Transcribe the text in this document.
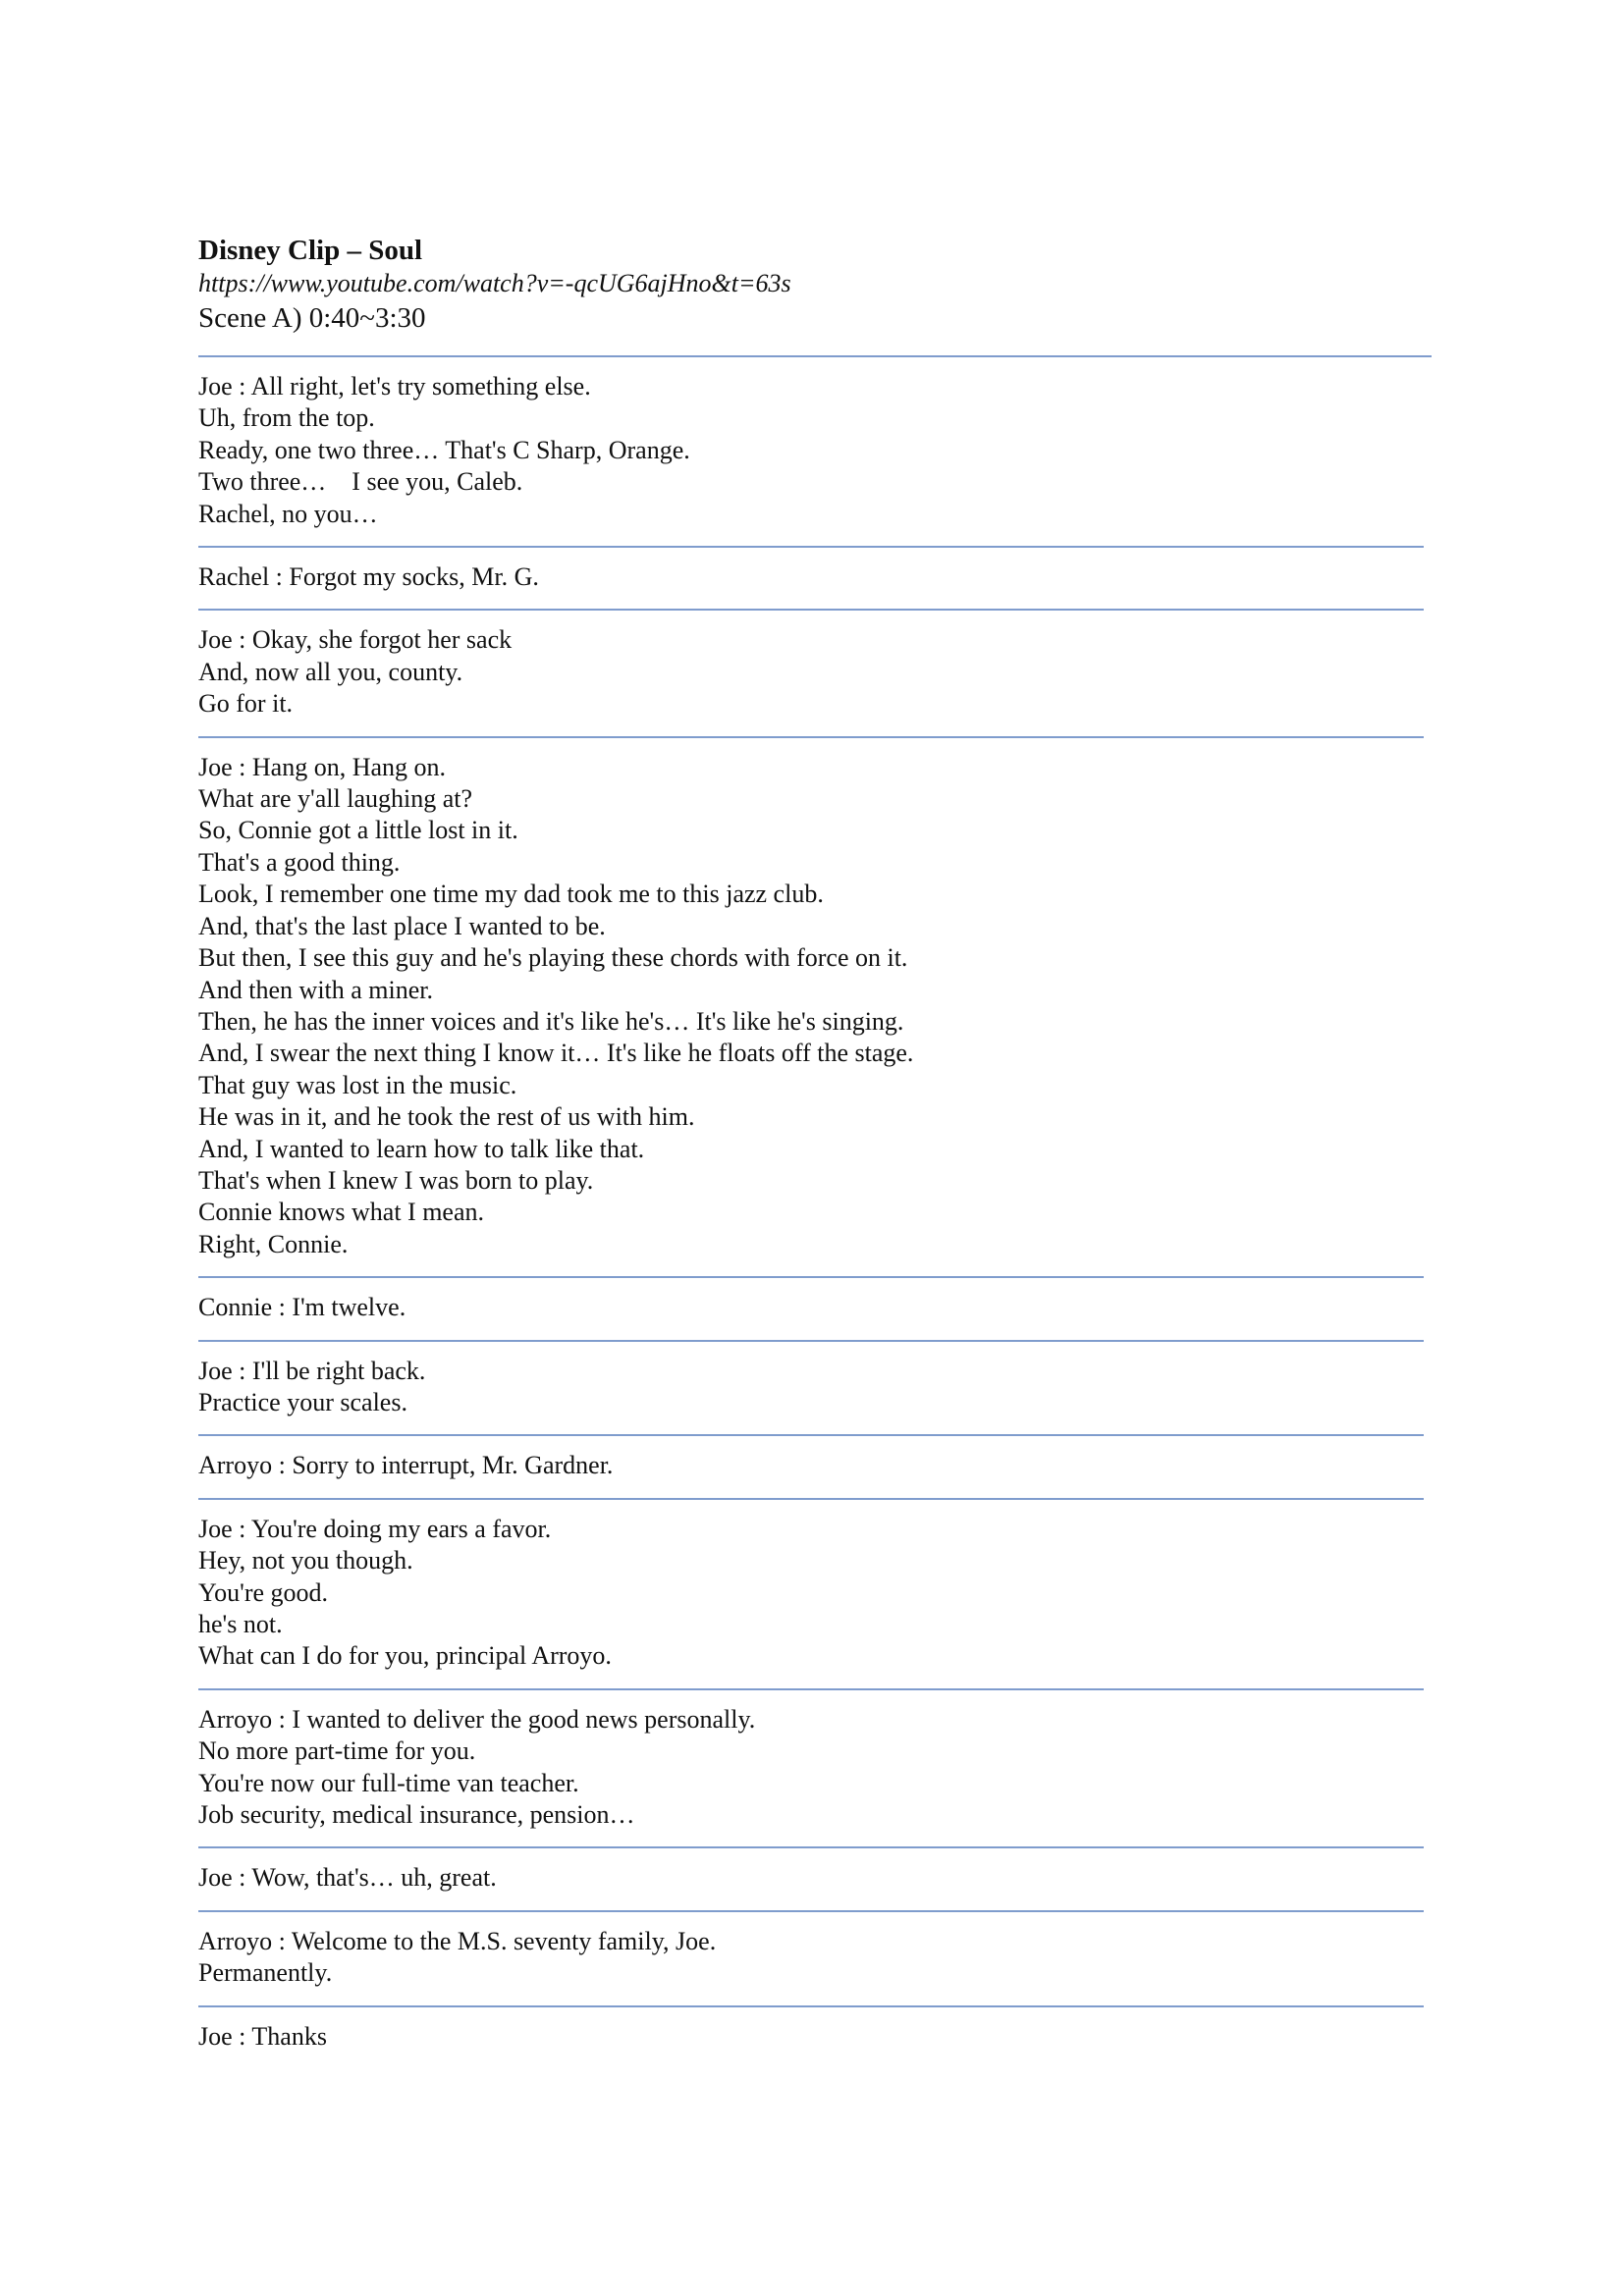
Disney Clip – Soul
https://www.youtube.com/watch?v=-qcUG6ajHno&t=63s
Scene A) 0:40~3:30
Joe : All right, let's try something else.
Uh, from the top.
Ready, one two three… That's C Sharp, Orange.
Two three…    I see you, Caleb.
Rachel, no you…
Rachel : Forgot my socks, Mr. G.
Joe : Okay, she forgot her sack
And, now all you, county.
Go for it.
Joe : Hang on, Hang on.
What are y'all laughing at?
So, Connie got a little lost in it.
That's a good thing.
Look, I remember one time my dad took me to this jazz club.
And, that's the last place I wanted to be.
But then, I see this guy and he's playing these chords with force on it.
And then with a miner.
Then, he has the inner voices and it's like he's… It's like he's singing.
And, I swear the next thing I know it… It's like he floats off the stage.
That guy was lost in the music.
He was in it, and he took the rest of us with him.
And, I wanted to learn how to talk like that.
That's when I knew I was born to play.
Connie knows what I mean.
Right, Connie.
Connie : I'm twelve.
Joe : I'll be right back.
Practice your scales.
Arroyo : Sorry to interrupt, Mr. Gardner.
Joe : You're doing my ears a favor.
Hey, not you though.
You're good.
he's not.
What can I do for you, principal Arroyo.
Arroyo : I wanted to deliver the good news personally.
No more part-time for you.
You're now our full-time van teacher.
Job security, medical insurance, pension…
Joe : Wow, that's… uh, great.
Arroyo : Welcome to the M.S. seventy family, Joe.
Permanently.
Joe : Thanks
